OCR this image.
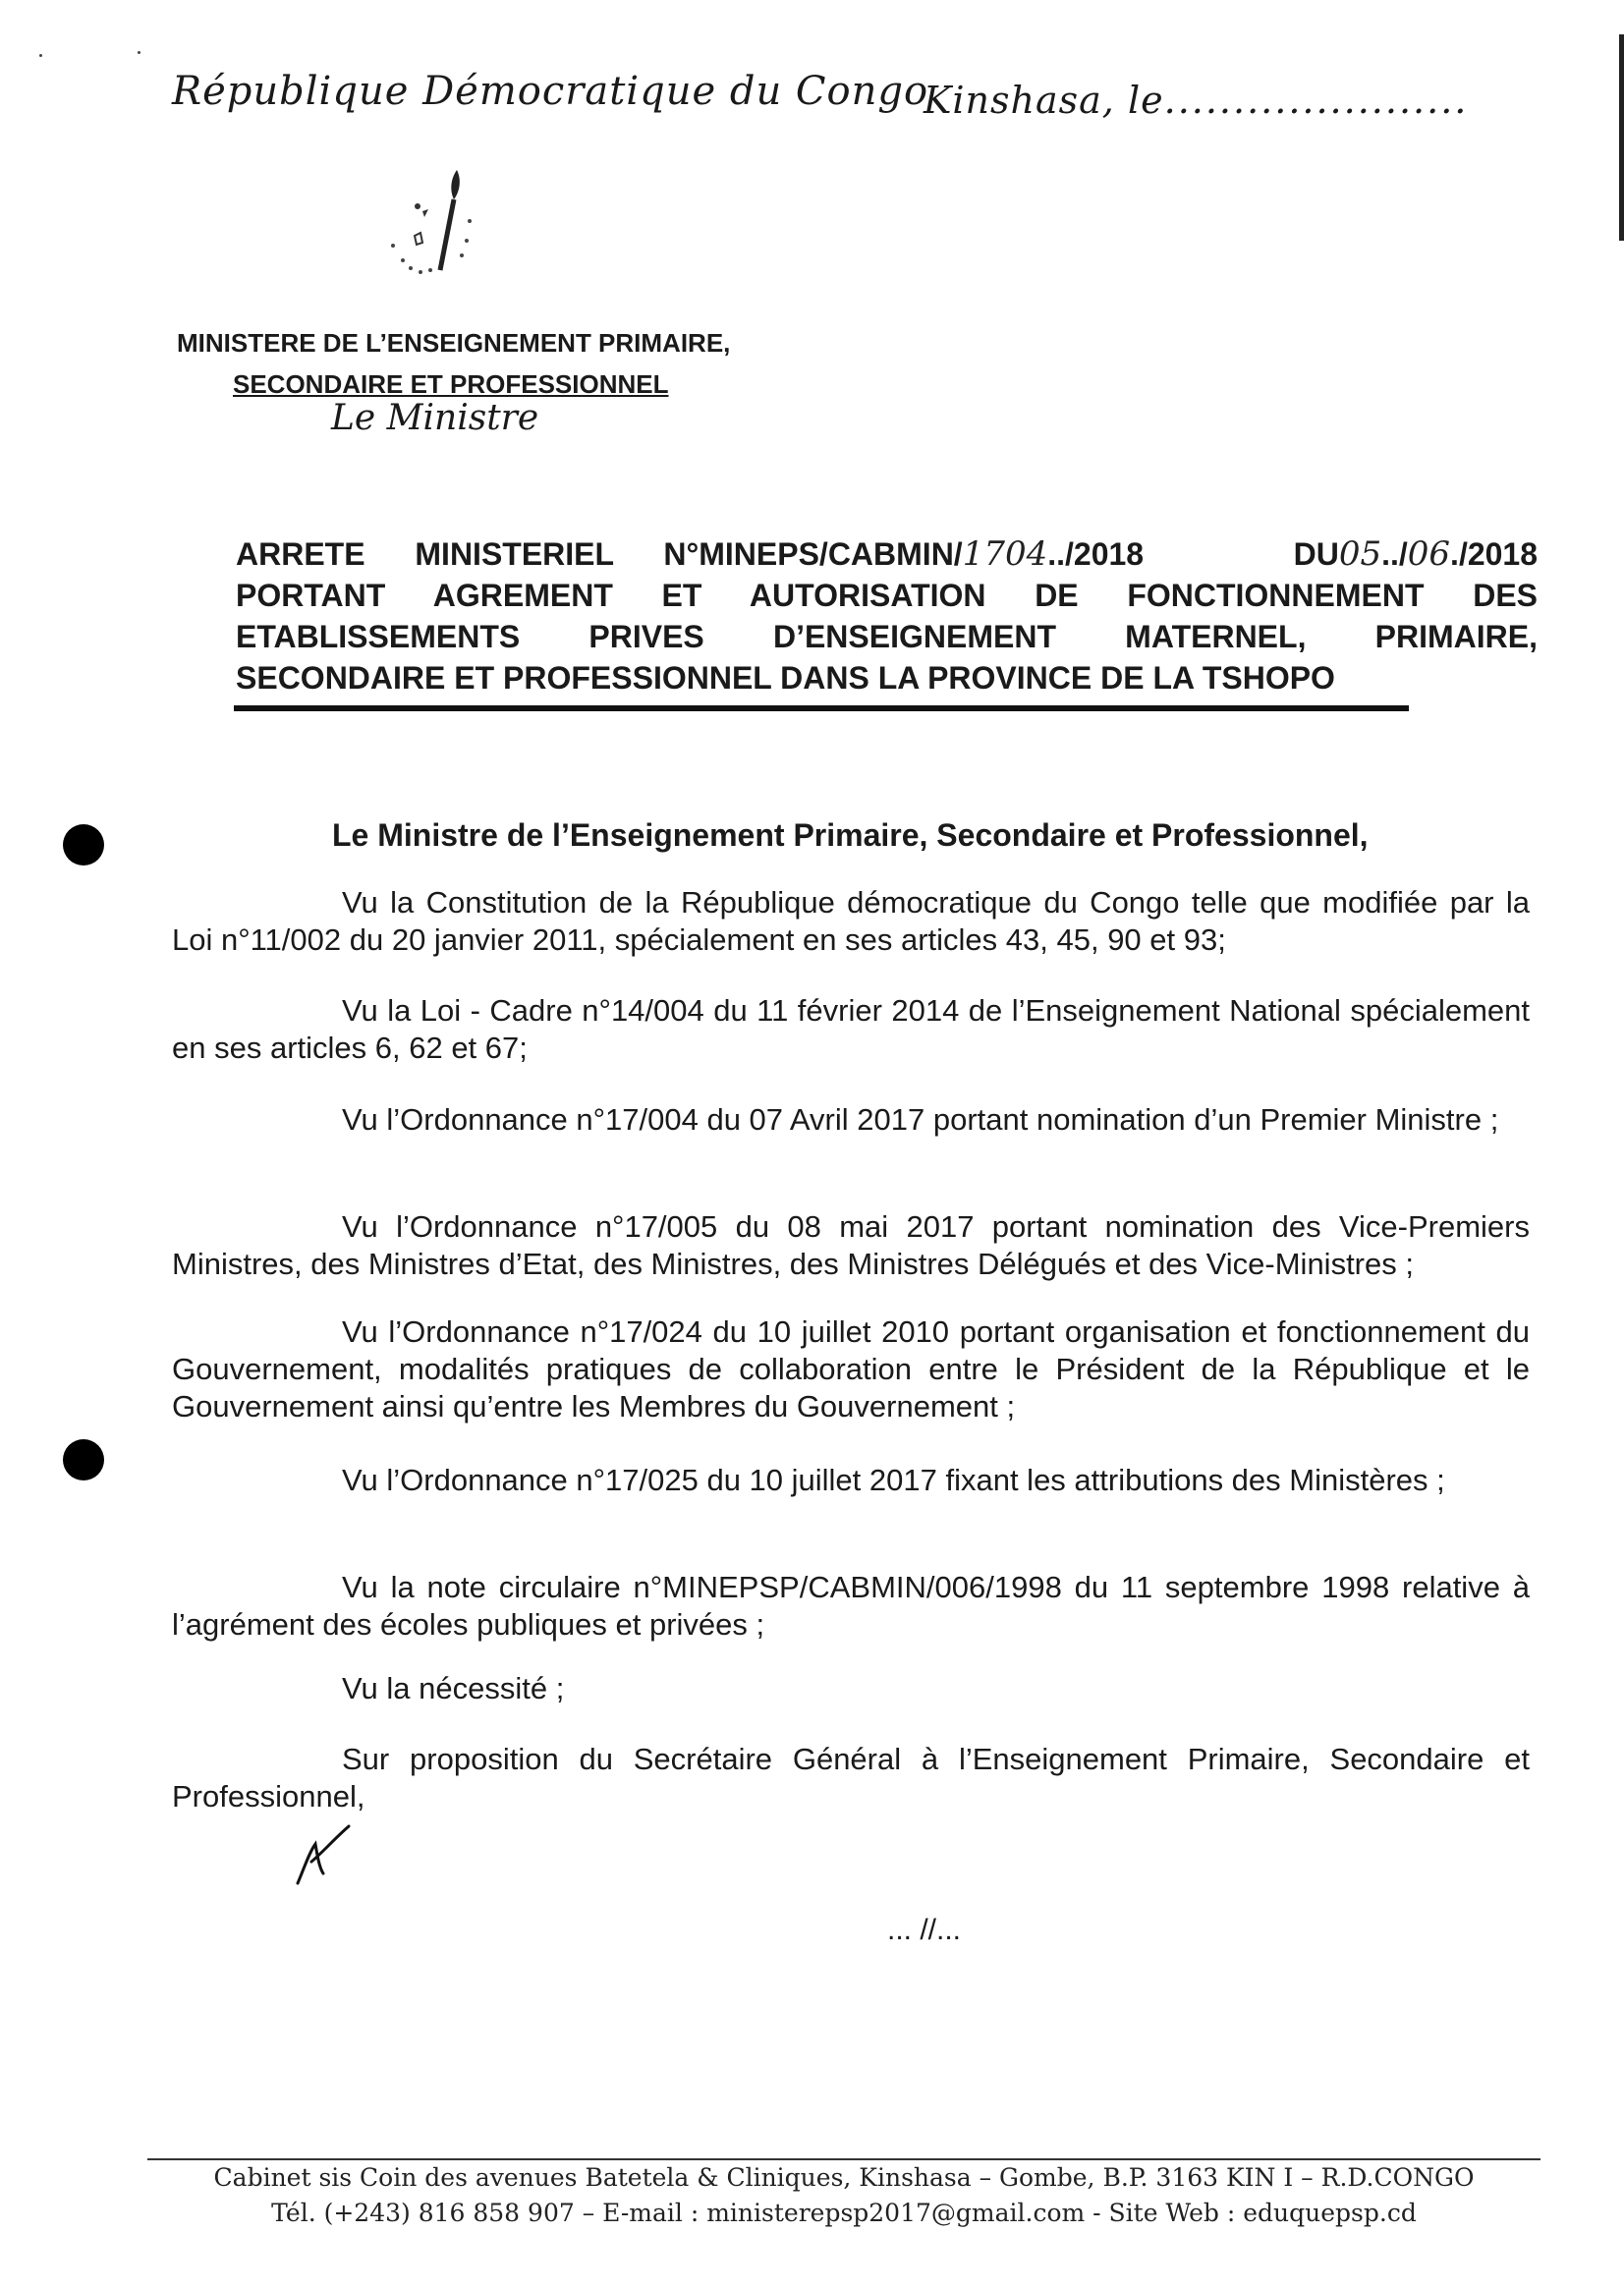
République Démocratique du Congo
Kinshasa, le......................
MINISTERE DE L’ENSEIGNEMENT PRIMAIRE,
SECONDAIRE ET PROFESSIONNEL
Le Ministre
ARRETE MINISTERIEL N°MINEPS/CABMIN/1704../2018	DU05../06./2018
PORTANT AGREMENT ET AUTORISATION DE FONCTIONNEMENT DES
ETABLISSEMENTS PRIVES D’ENSEIGNEMENT MATERNEL, PRIMAIRE,
SECONDAIRE ET PROFESSIONNEL DANS LA PROVINCE DE LA TSHOPO
Le Ministre de l’Enseignement Primaire, Secondaire et Professionnel,
Vu la Constitution de la République démocratique du Congo telle que modifiée par la Loi n°11/002 du 20 janvier 2011, spécialement en ses articles 43, 45, 90 et 93;
Vu la Loi - Cadre n°14/004 du 11 février 2014 de l’Enseignement National spécialement en ses articles 6, 62 et 67;
Vu l’Ordonnance n°17/004 du 07 Avril 2017 portant nomination d’un Premier Ministre ;
Vu l’Ordonnance n°17/005 du 08 mai 2017 portant nomination des Vice-Premiers Ministres, des Ministres d’Etat, des Ministres, des Ministres Délégués et des Vice-Ministres ;
Vu l’Ordonnance n°17/024 du 10 juillet 2010 portant organisation et fonctionnement du Gouvernement, modalités pratiques de collaboration entre le Président de la République et le Gouvernement ainsi qu’entre les Membres du Gouvernement ;
Vu l’Ordonnance n°17/025 du 10 juillet 2017 fixant les attributions des Ministères ;
Vu la note circulaire n°MINEPSP/CABMIN/006/1998 du 11 septembre 1998 relative à l’agrément des écoles publiques et privées ;
Vu la nécessité ;
Sur proposition du Secrétaire Général à l’Enseignement Primaire, Secondaire et Professionnel,
... //...
Cabinet sis Coin des avenues Batetela & Cliniques, Kinshasa – Gombe, B.P. 3163 KIN I – R.D.CONGO
Tél. (+243) 816 858 907 – E-mail : ministerepsp2017@gmail.com - Site Web : eduquepsp.cd
